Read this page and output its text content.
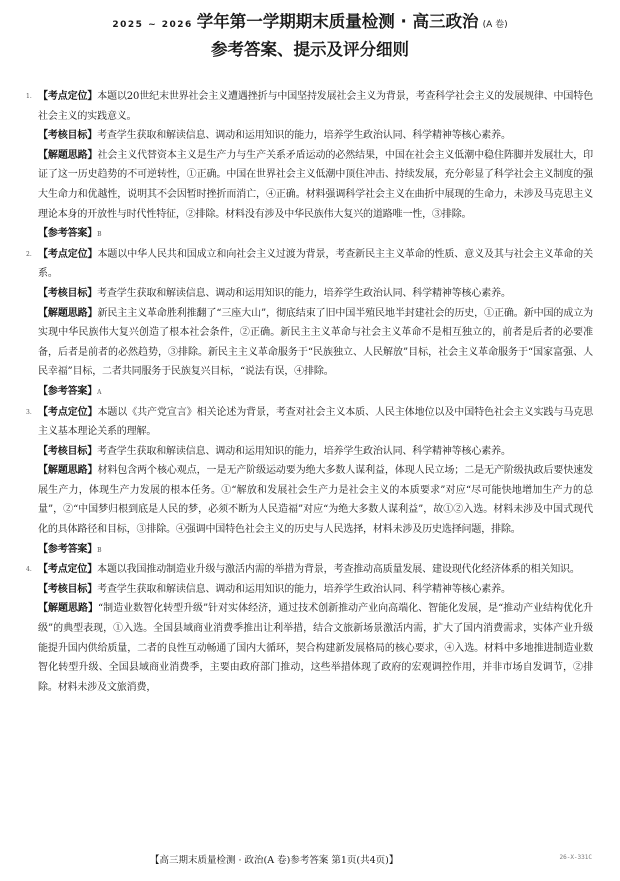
2025 ~ 2026 学年第一学期期末质量检测 · 高三政治 (A 卷)
参考答案、提示及评分细则
1. 【考点定位】本题以20世纪末世界社会主义遭遇挫折与中国坚持发展社会主义为背景，考查科学社会主义的发展规律、中国特色社会主义的实践意义。

【考核目标】考查学生获取和解读信息、调动和运用知识的能力，培养学生政治认同、科学精神等核心素养。

【解题思路】社会主义代替资本主义是生产力与生产关系矛盾运动的必然结果，中国在社会主义低潮中稳住阵脚并发展壮大，印证了这一历史趋势的不可逆转性，①正确。中国在世界社会主义低潮中顶住冲击、持续发展，充分彰显了科学社会主义制度的强大生命力和优越性，说明其不会因暂时挫折而消亡，④正确。材料强调科学社会主义在曲折中展现的生命力，未涉及马克思主义理论本身的开放性与时代性特征，②排除。材料没有涉及中华民族伟大复兴的道路唯一性，③排除。

【参考答案】B

2. 【考点定位】本题以中华人民共和国成立和向社会主义过渡为背景，考查新民主主义革命的性质、意义及其与社会主义革命的关系。

【考核目标】考查学生获取和解读信息、调动和运用知识的能力，培养学生政治认同、科学精神等核心素养。

【解题思路】新民主主义革命胜利推翻了“三座大山”，彻底结束了旧中国半殖民地半封建社会的历史，①正确。新中国的成立为实现中华民族伟大复兴创造了根本社会条件，②正确。新民主主义革命与社会主义革命不是相互独立的，前者是后者的必要准备，后者是前者的必然趋势，③排除。新民主主义革命服务于“民族独立、人民解放”目标，社会主义革命服务于“国家富强、人民幸福”目标，二者共同服务于民族复兴目标，“说法有误，④排除。

【参考答案】A

3. 【考点定位】本题以《共产党宣言》相关论述为背景，考查对社会主义本质、人民主体地位以及中国特色社会主义实践与马克思主义基本理论关系的理解。

【考核目标】考查学生获取和解读信息、调动和运用知识的能力，培养学生政治认同、科学精神等核心素养。

【解题思路】材料包含两个核心观点，一是无产阶级运动要为绝大多数人谋利益，体现人民立场；二是无产阶级执政后要快速发展生产力，体现生产力发展的根本任务。①“解放和发展社会生产力是社会主义的本质要求”对应“尽可能快地增加生产力的总量”，②“中国梦归根到底是人民的梦，必须不断为人民造福”对应“为绝大多数人谋利益”，故①②入选。材料未涉及中国式现代化的具体路径和目标，③排除。④强调中国特色社会主义的历史与人民选择，材料未涉及历史选择问题，排除。

【参考答案】B

4. 【考点定位】本题以我国推动制造业升级与激活内需的举措为背景，考查推动高质量发展、建设现代化经济体系的相关知识。

【考核目标】考查学生获取和解读信息、调动和运用知识的能力，培养学生政治认同、科学精神等核心素养。

【解题思路】“制造业数智化转型升级”针对实体经济，通过技术创新推动产业向高端化、智能化发展，是“推动产业结构优化升级”的典型表现，①入选。全国县域商业消费季推出让利举措，结合文旅新场景激活内需，扩大了国内消费需求，实体产业升级能提升国内供给质量，二者的良性互动畅通了国内大循环，契合构建新发展格局的核心要求，④入选。材料中多地推进制造业数智化转型升级、全国县域商业消费季，主要由政府部门推动，这些举措体现了政府的宏观调控作用，并非市场自发调节，②排除。材料未涉及文旅消费，

【高三期末质量检测 · 政治(A 卷)参考答案 第1页(共4页)】	26-X-331C
